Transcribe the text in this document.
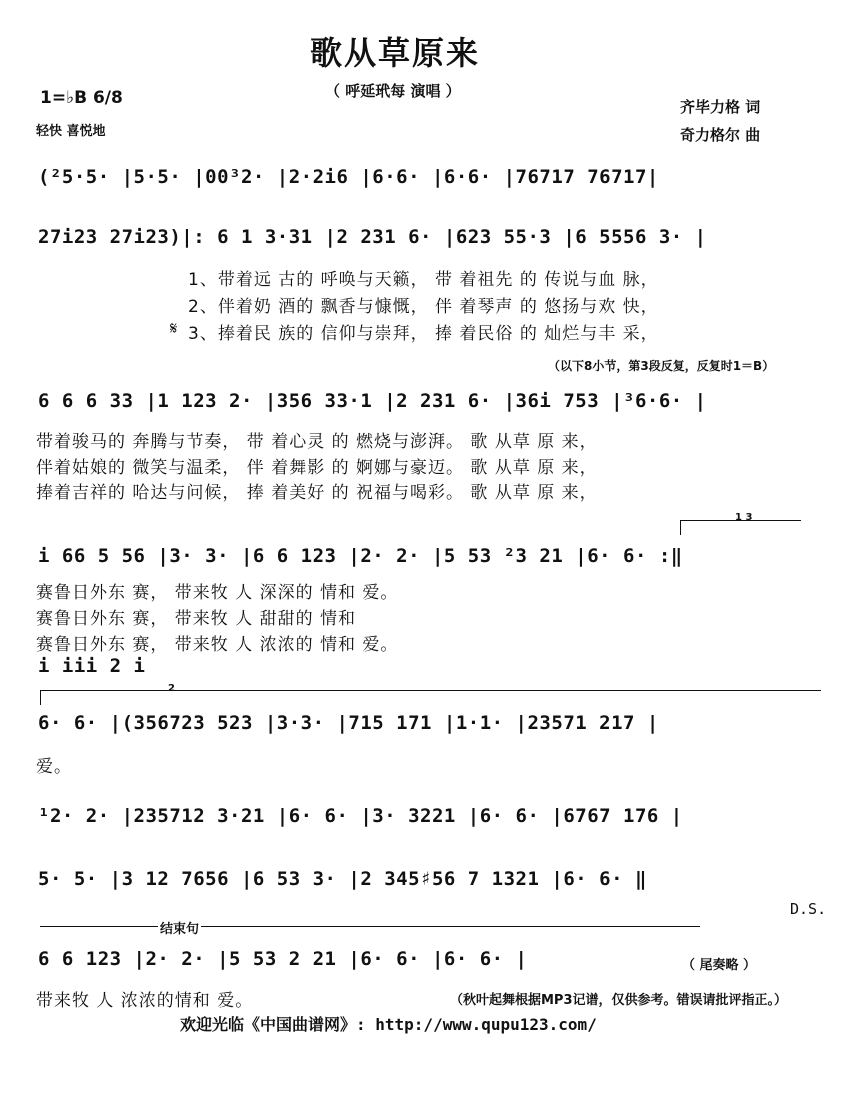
歌从草原来
（ 呼延玳每 演唱 ）
1=♭B 6/8
轻快 喜悦地
齐毕力格 词
奇力格尔 曲
(²5·5· |5·5· |00³2· |2·2i6 |6·6· |6·6· |76717 76717|
27i23 27i23)|: 6 1 3·31 |2 231 6· |623 55·3 |6 5556 3· |
1、带着远 古的 呼唤与天籁， 带 着祖先 的 传说与血 脉，
2、伴着奶 酒的 飘香与慷慨， 伴 着琴声 的 悠扬与欢 快，
𝄋 3、捧着民 族的 信仰与崇拜， 捧 着民俗 的 灿烂与丰 采，
（以下8小节，第3段反复，反复时1＝B）
6 6 6 33 |1 123 2· |356 33·1 |2 231 6· |36i 753 |³6·6· |
带着骏马的 奔腾与节奏， 带 着心灵 的 燃烧与澎湃。 歌 从草 原 来，
伴着姑娘的 微笑与温柔， 伴 着舞影 的 婀娜与豪迈。 歌 从草 原 来，
捧着吉祥的 哈达与问候， 捧 着美好 的 祝福与喝彩。 歌 从草 原 来，
1 3
i 66 5 56 |3· 3· |6 6 123 |2· 2· |5 53 ²3 21 |6· 6· :‖
赛鲁日外东 赛， 带来牧 人 深深的 情和 爱。
赛鲁日外东 赛， 带来牧 人 甜甜的 情和
赛鲁日外东 赛， 带来牧 人 浓浓的 情和 爱。
i iii 2 i
2
6· 6· |(356723 523 |3·3· |715 171 |1·1· |23571 217 |
爱。
¹2· 2· |235712 3·21 |6· 6· |3· 3221 |6· 6· |6767 176 |
5· 5· |3 12 7656 |6 53 3· |2 345♯56 7 1321 |6· 6· ‖
D.S.
结束句
6 6 123 |2· 2· |5 53 2 21 |6· 6· |6· 6· |	（ 尾奏略 ）
带来牧 人 浓浓的情和 爱。	（秋叶起舞根据MP3记谱，仅供参考。错误请批评指正。）
欢迎光临《中国曲谱网》: http://www.qupu123.com/
